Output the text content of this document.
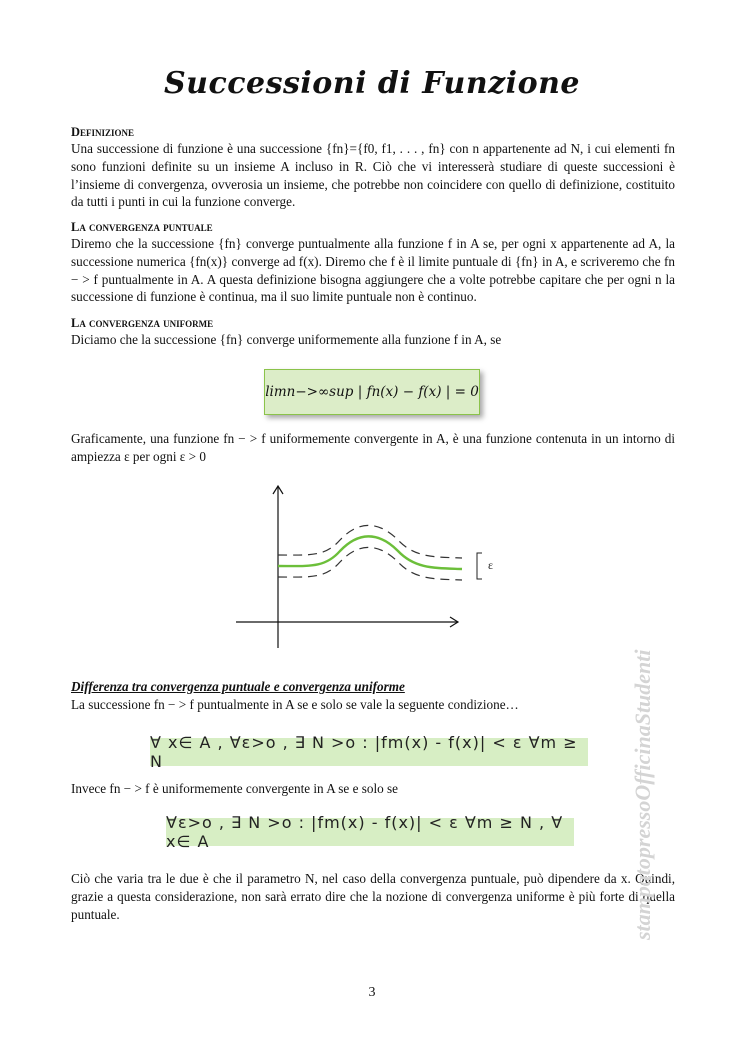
Successioni di Funzione
Definizione
Una successione di funzione è una successione {fn}={f0, f1, . . . , fn} con n appartenente ad N, i cui elementi fn sono funzioni definite su un insieme A incluso in R. Ciò che vi interesserà studiare di queste successioni è l’insieme di convergenza, ovverosia un insieme, che potrebbe non coincidere con quello di definizione, costituito da tutti i punti in cui la funzione converge.
La convergenza puntuale
Diremo che la successione {fn} converge puntualmente alla funzione f in A se, per ogni x appartenente ad A, la successione numerica {fn(x)} converge ad f(x). Diremo che f è il limite puntuale di {fn} in A, e scriveremo che fn − > f puntualmente in A. A questa definizione bisogna aggiungere che a volte potrebbe capitare che per ogni n la successione di funzione è continua, ma il suo limite puntuale non è continuo.
La convergenza uniforme
Diciamo che la successione {fn} converge uniformemente alla funzione f in A, se
limn−>∞sup | fn(x) − f(x) | = 0
Graficamente, una funzione fn − > f uniformemente convergente in A, è una funzione contenuta in un intorno di ampiezza ε per ogni ε > 0
ε
Differenza tra convergenza puntuale e convergenza uniforme
La successione fn − > f puntualmente in A se e solo se vale la seguente condizione…
∀ x∈ A , ∀ε>o , ∃ N >o : |fm(x) - f(x)| < ε ∀m ≥ N
Invece fn − > f è uniformemente convergente in A se e solo se
∀ε>o , ∃ N >o : |fm(x) - f(x)| < ε ∀m ≥ N , ∀ x∈ A
Ciò che varia tra le due è che il parametro N, nel caso della convergenza puntuale, può dipendere da x. Quindi, grazie a questa considerazione, non sarà errato dire che la nozione di convergenza uniforme è più forte di quella puntuale.	stampatopressoOfficinaStudenti
3
